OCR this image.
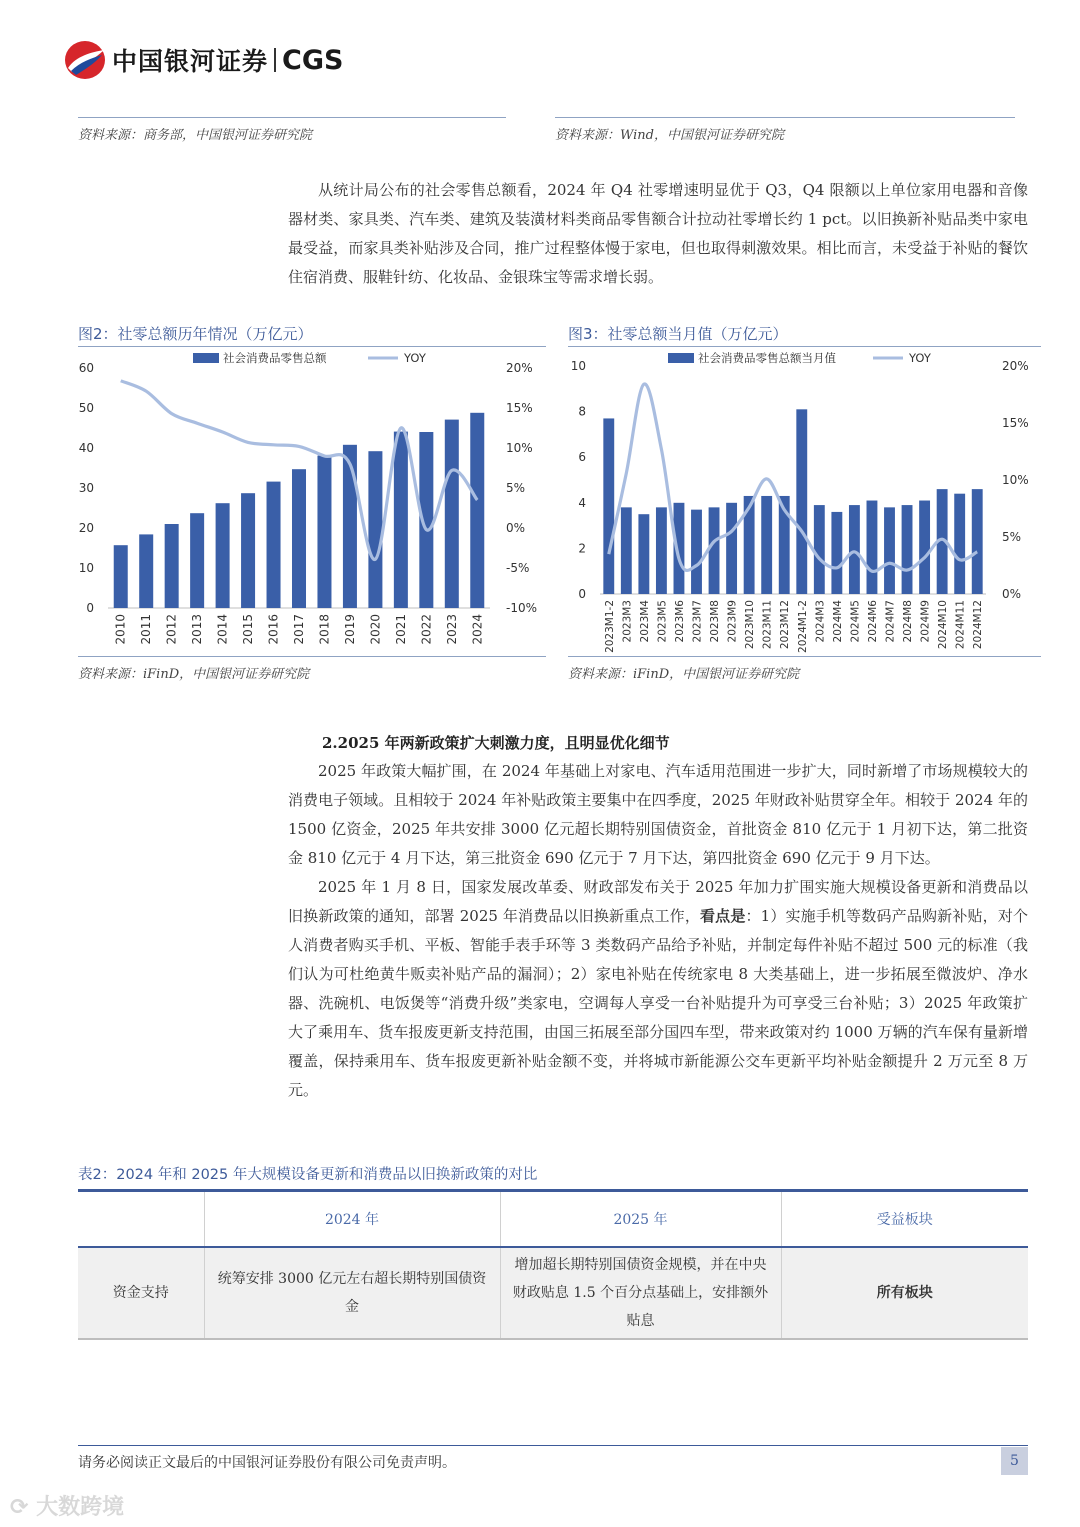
中国银河证券 CGS
资料来源：商务部，中国银河证券研究院	资料来源：Wind，中国银河证券研究院

从统计局公布的社会零售总额看，2024 年 Q4 社零增速明显优于 Q3，Q4 限额以上单位家用电器和音像器材类、家具类、汽车类、建筑及装潢材料类商品零售额合计拉动社零增长约 1 pct。以旧换新补贴品类中家电最受益，而家具类补贴涉及合同，推广过程整体慢于家电，但也取得刺激效果。相比而言，未受益于补贴的餐饮住宿消费、服鞋针纺、化妆品、金银珠宝等需求增长弱。

图2：社零总额历年情况（万亿元）
社会消费品零售总额	YOY
0
10
20
30
40
50
60
-10%
-5%
0%
5%
10%
15%
20%
2010 2011 2012 2013 2014 2015 2016 2017 2018 2019 2020 2021 2022 2023 2024
资料来源：iFinD，中国银河证券研究院
图3：社零总额当月值（万亿元）
社会消费品零售总额当月值	YOY
0
2
4
6
8
10
0%
5%
10%
15%
20%
2023M1-2 2023M3 2023M4 2023M5 2023M6 2023M7 2023M8 2023M9 2023M10 2023M11 2023M12 2024M1-2 2024M3 2024M4 2024M5 2024M6 2024M7 2024M8 2024M9 2024M10 2024M11 2024M12
资料来源：iFinD，中国银河证券研究院
2.2025 年两新政策扩大刺激力度，且明显优化细节

2025 年政策大幅扩围，在 2024 年基础上对家电、汽车适用范围进一步扩大，同时新增了市场规模较大的消费电子领域。且相较于 2024 年补贴政策主要集中在四季度，2025 年财政补贴贯穿全年。相较于 2024 年的 1500 亿资金，2025 年共安排 3000 亿元超长期特别国债资金，首批资金 810 亿元于 1 月初下达，第二批资金 810 亿元于 4 月下达，第三批资金 690 亿元于 7 月下达，第四批资金 690 亿元于 9 月下达。

2025 年 1 月 8 日，国家发展改革委、财政部发布关于 2025 年加力扩围实施大规模设备更新和消费品以旧换新政策的通知，部署 2025 年消费品以旧换新重点工作，看点是：1）实施手机等数码产品购新补贴，对个人消费者购买手机、平板、智能手表手环等 3 类数码产品给予补贴，并制定每件补贴不超过 500 元的标准（我们认为可杜绝黄牛贩卖补贴产品的漏洞）；2）家电补贴在传统家电 8 大类基础上，进一步拓展至微波炉、净水器、洗碗机、电饭煲等“消费升级”类家电，空调每人享受一台补贴提升为可享受三台补贴；3）2025 年政策扩大了乘用车、货车报废更新支持范围，由国三拓展至部分国四车型，带来政策对约 1000 万辆的汽车保有量新增覆盖，保持乘用车、货车报废更新补贴金额不变，并将城市新能源公交车更新平均补贴金额提升 2 万元至 8 万元。

表2：2024 年和 2025 年大规模设备更新和消费品以旧换新政策的对比
	2024 年	2025 年	受益板块
资金支持	统筹安排 3000 亿元左右超长期特别国债资金	增加超长期特别国债资金规模，并在中央财政贴息 1.5 个百分点基础上，安排额外贴息	所有板块
请务必阅读正文最后的中国银河证券股份有限公司免责声明。	5
⟳ 大数跨境
